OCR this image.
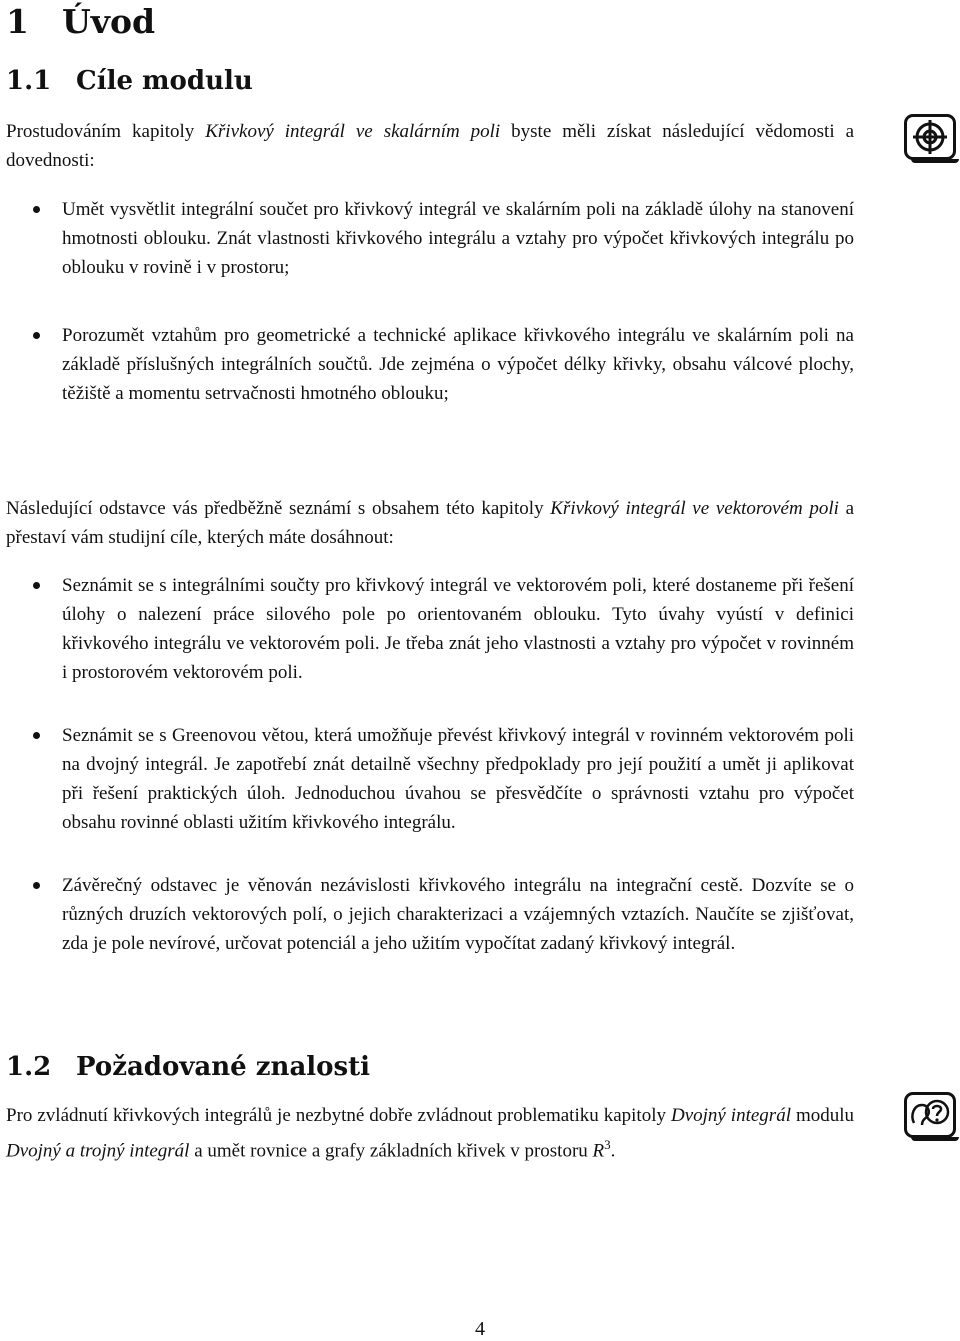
1 Úvod
1.1 Cíle modulu

Prostudováním kapitoly Křivkový integrál ve skalárním poli byste měli získat následující vědomosti a dovednosti:

Umět vysvětlit integrální součet pro křivkový integrál ve skalárním poli na základě úlohy na stanovení hmotnosti oblouku. Znát vlastnosti křivkového integrálu a vztahy pro výpočet křivkových integrálu po oblouku v rovině i v prostoru;
Porozumět vztahům pro geometrické a technické aplikace křivkového integrálu ve skalárním poli na základě příslušných integrálních součtů. Jde zejména o výpočet délky křivky, obsahu válcové plochy, těžiště a momentu setrvačnosti hmotného oblouku;

Následující odstavce vás předběžně seznámí s obsahem této kapitoly Křivkový integrál ve vektorovém poli a přestaví vám studijní cíle, kterých máte dosáhnout:

Seznámit se s integrálními součty pro křivkový integrál ve vektorovém poli, které dostaneme při řešení úlohy o nalezení práce silového pole po orientovaném oblouku. Tyto úvahy vyústí v definici křivkového integrálu ve vektorovém poli. Je třeba znát jeho vlastnosti a vztahy pro výpočet v rovinném i prostorovém vektorovém poli.
Seznámit se s Greenovou větou, která umožňuje převést křivkový integrál v rovinném vektorovém poli na dvojný integrál. Je zapotřebí znát detailně všechny předpoklady pro její použití a umět ji aplikovat při řešení praktických úloh. Jednoduchou úvahou se přesvědčíte o správnosti vztahu pro výpočet obsahu rovinné oblasti užitím křivkového integrálu.
Závěrečný odstavec je věnován nezávislosti křivkového integrálu na integrační cestě. Dozvíte se o různých druzích vektorových polí, o jejich charakterizaci a vzájemných vztazích. Naučíte se zjišťovat, zda je pole nevírové, určovat potenciál a jeho užitím vypočítat zadaný křivkový integrál.
1.2 Požadované znalosti

Pro zvládnutí křivkových integrálů je nezbytné dobře zvládnout problematiku kapitoly Dvojný integrál modulu Dvojný a trojný integrál a umět rovnice a grafy základních křivek v prostoru $R^3$.

4
